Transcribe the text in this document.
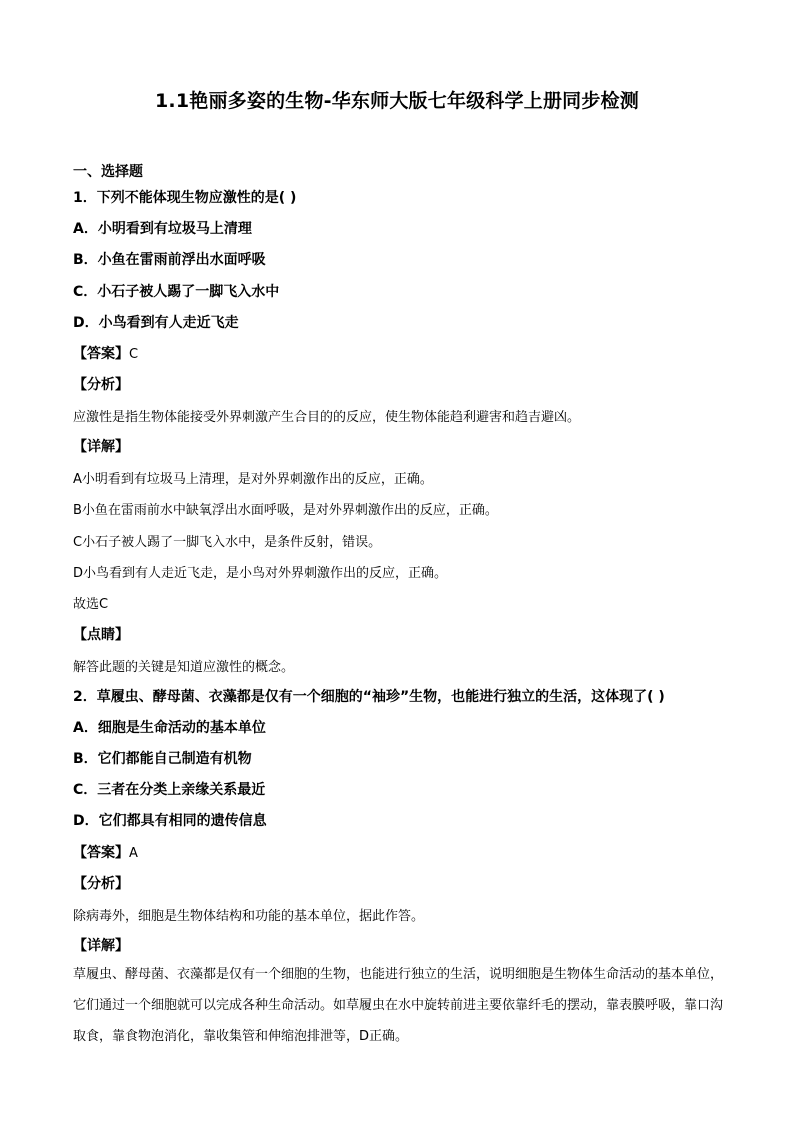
1.1艳丽多姿的生物-华东师大版七年级科学上册同步检测
一、选择题
1．下列不能体现生物应激性的是( )
A．小明看到有垃圾马上清理
B．小鱼在雷雨前浮出水面呼吸
C．小石子被人踢了一脚飞入水中
D．小鸟看到有人走近飞走
【答案】C
【分析】
应激性是指生物体能接受外界刺激产生合目的的反应，使生物体能趋利避害和趋吉避凶。
【详解】
A小明看到有垃圾马上清理，是对外界刺激作出的反应，正确。
B小鱼在雷雨前水中缺氧浮出水面呼吸，是对外界刺激作出的反应，正确。
C小石子被人踢了一脚飞入水中，是条件反射，错误。
D小鸟看到有人走近飞走，是小鸟对外界刺激作出的反应，正确。
故选C
【点睛】
解答此题的关键是知道应激性的概念。
2．草履虫、酵母菌、衣藻都是仅有一个细胞的“袖珍”生物，也能进行独立的生活，这体现了( )
A．细胞是生命活动的基本单位
B．它们都能自己制造有机物
C．三者在分类上亲缘关系最近
D．它们都具有相同的遗传信息
【答案】A
【分析】
除病毒外，细胞是生物体结构和功能的基本单位，据此作答。
【详解】
草履虫、酵母菌、衣藻都是仅有一个细胞的生物，也能进行独立的生活，说明细胞是生物体生命活动的基本单位，它们通过一个细胞就可以完成各种生命活动。如草履虫在水中旋转前进主要依靠纤毛的摆动，靠表膜呼吸，靠口沟取食，靠食物泡消化，靠收集管和伸缩泡排泄等，D正确。
